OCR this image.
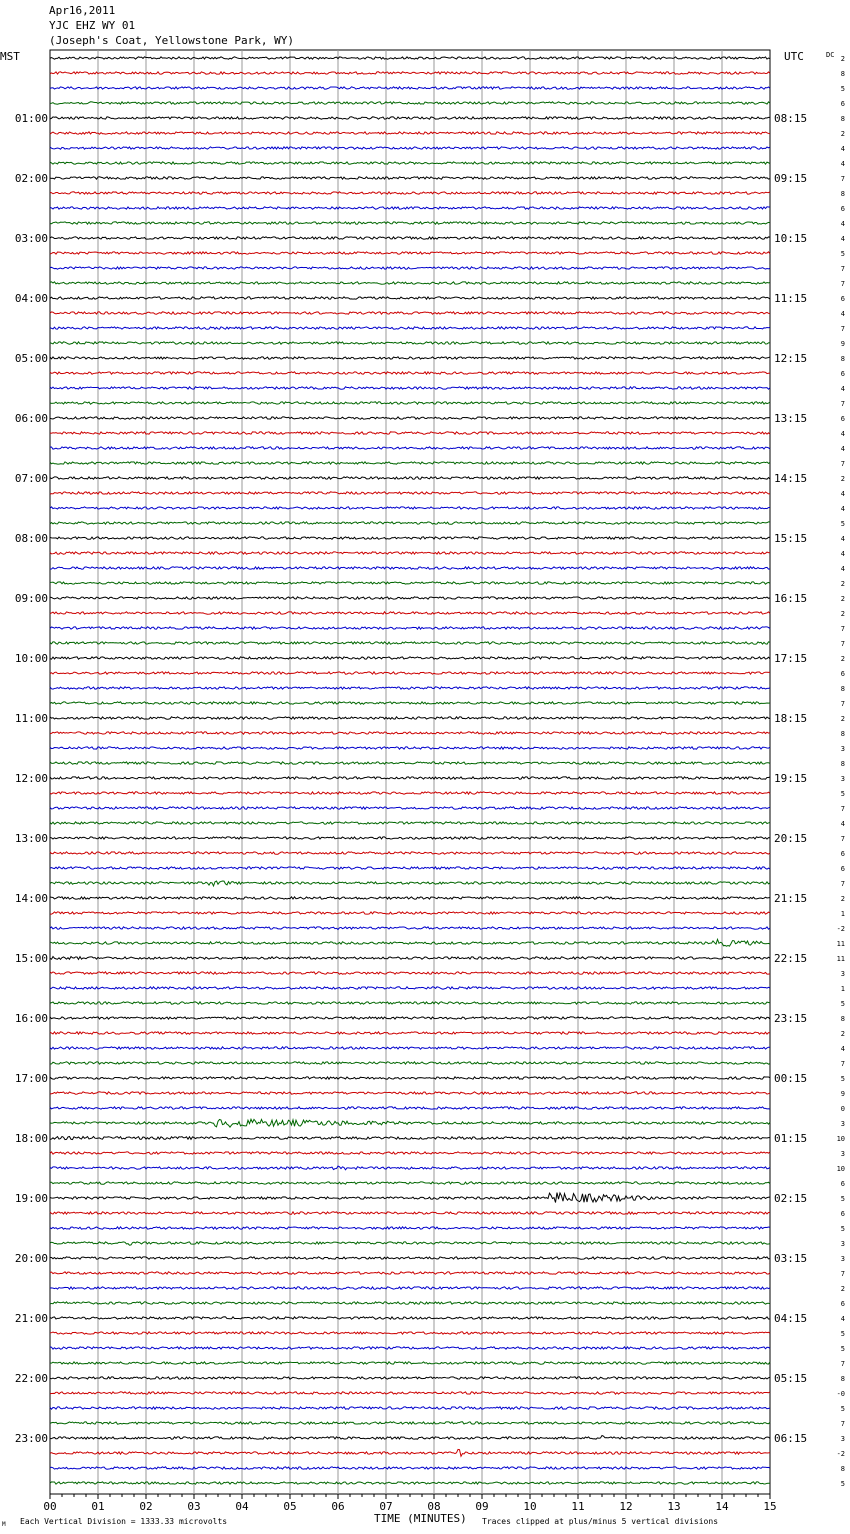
Apr16,2011
YJC EHZ WY 01
(Joseph's Coat, Yellowstone Park, WY)
MST	UTC	DC
01:00
02:00
03:00
04:00
05:00
06:00
07:00
08:00
09:00
10:00
11:00
12:00
13:00
14:00
15:00
16:00
17:00
18:00
19:00
20:00
21:00
22:00
23:00
08:15
09:15
10:15
11:15
12:15
13:15
14:15
15:15
16:15
17:15
18:15
19:15
20:15
21:15
22:15
23:15
00:15
01:15
02:15
03:15
04:15
05:15
06:15
2
8
5
6
8
2
4
4
7
8
6
4
4
5
7
7
6
4
7
9
8
6
4
7
6
4
4
7
2
4
4
5
4
4
4
2
2
2
7
7
2
6
8
7
2
8
3
8
3
5
7
4
7
6
6
7
2
1
-2
11
11
3
1
5
8
2
4
7
5
9
0
3
10
3
10
6
5
6
5
3
3
7
2
6
4
5
5
7
8
-0
5
7
3
-2
8
5
00	01	02	03	04	05	06	07	08	09	10	11	12	13	14	15
TIME (MINUTES)
Each Vertical Division = 1333.33 microvolts	Traces clipped at plus/minus 5 vertical divisions
M
